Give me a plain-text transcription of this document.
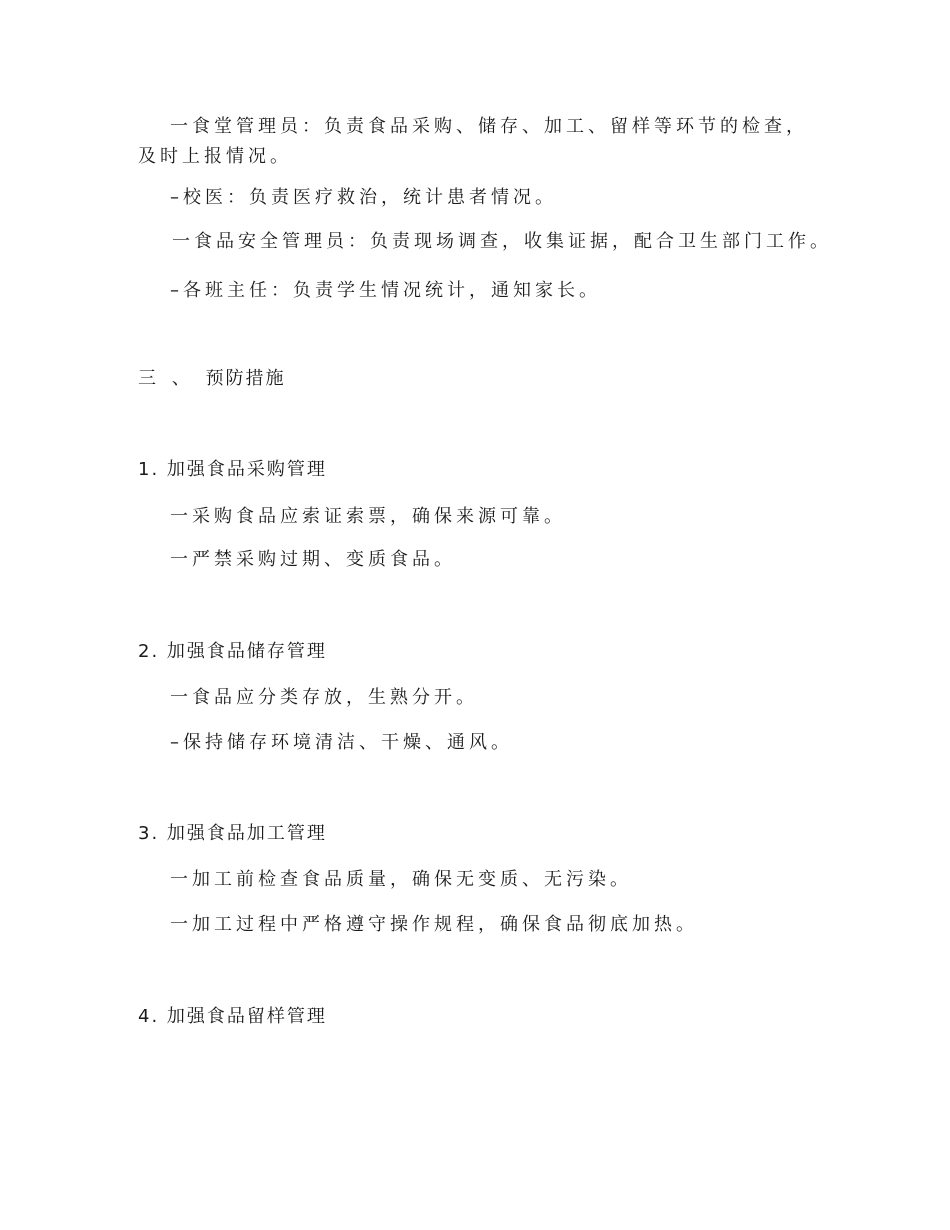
一食堂管理员：负责食品采购、储存、加工、留样等环节的检查，
及时上报情况。
–校医：负责医疗救治，统计患者情况。
一食品安全管理员：负责现场调查，收集证据，配合卫生部门工作。
–各班主任：负责学生情况统计，通知家长。
三 、 预防措施
1. 加强食品采购管理
一采购食品应索证索票，确保来源可靠。
一严禁采购过期、变质食品。
2. 加强食品储存管理
一食品应分类存放，生熟分开。
–保持储存环境清洁、干燥、通风。
3. 加强食品加工管理
一加工前检查食品质量，确保无变质、无污染。
一加工过程中严格遵守操作规程，确保食品彻底加热。
4. 加强食品留样管理
